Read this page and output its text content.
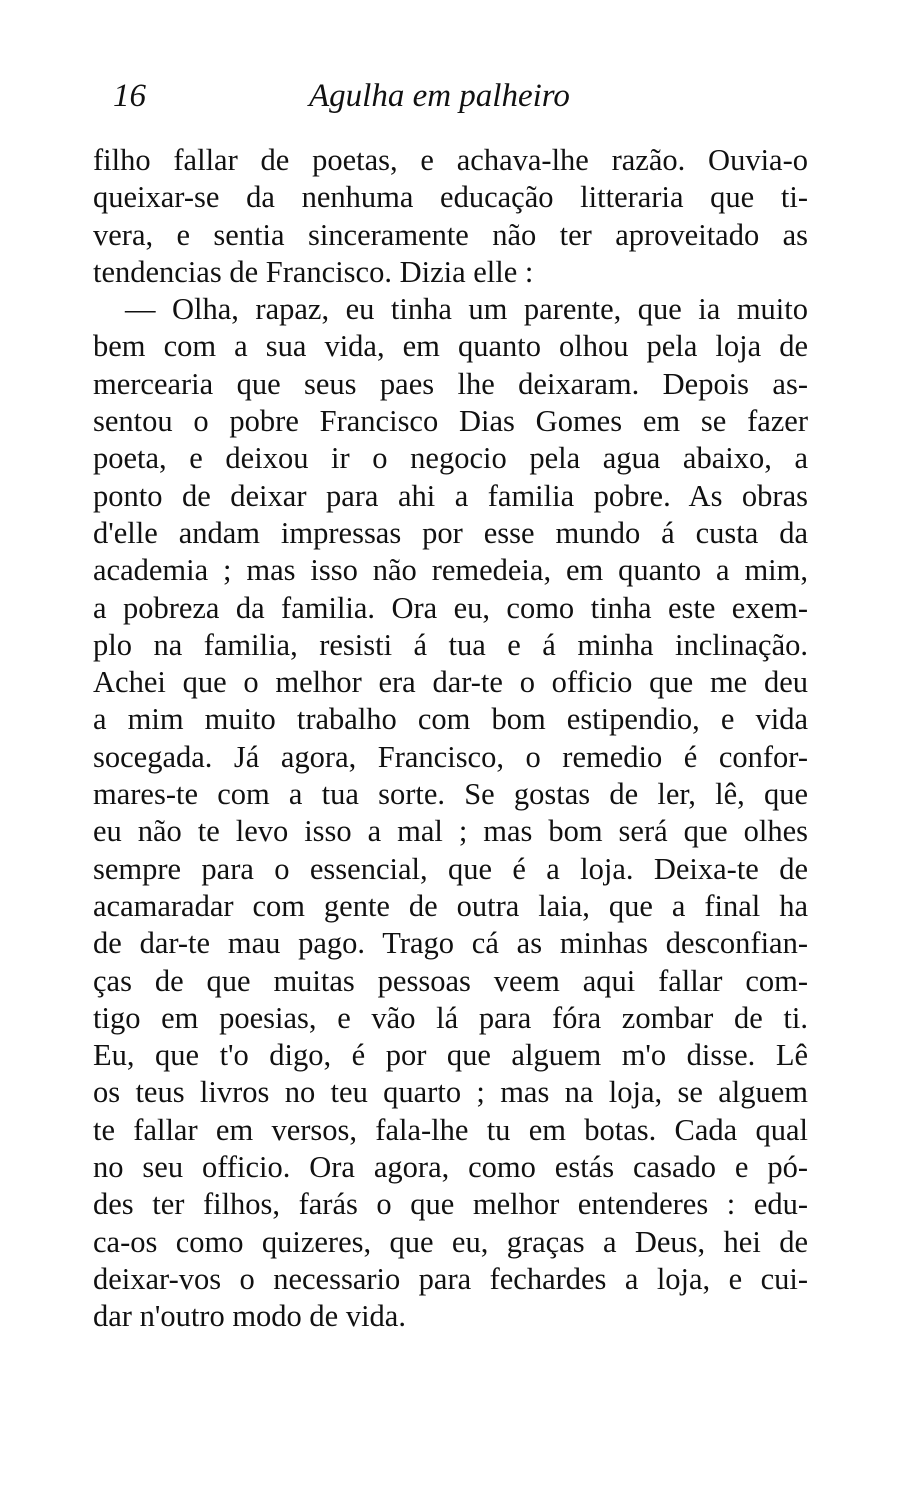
16	Agulha em palheiro
filho fallar de poetas, e achava-lhe razão. Ouvia-o
queixar-se da nenhuma educação litteraria que ti-
vera, e sentia sinceramente não ter aproveitado as
tendencias de Francisco. Dizia elle :
— Olha, rapaz, eu tinha um parente, que ia muito
bem com a sua vida, em quanto olhou pela loja de
mercearia que seus paes lhe deixaram. Depois as-
sentou o pobre Francisco Dias Gomes em se fazer
poeta, e deixou ir o negocio pela agua abaixo, a
ponto de deixar para ahi a familia pobre. As obras
d'elle andam impressas por esse mundo á custa da
academia ; mas isso não remedeia, em quanto a mim,
a pobreza da familia. Ora eu, como tinha este exem-
plo na familia, resisti á tua e á minha inclinação.
Achei que o melhor era dar-te o officio que me deu
a mim muito trabalho com bom estipendio, e vida
socegada. Já agora, Francisco, o remedio é confor-
mares-te com a tua sorte. Se gostas de ler, lê, que
eu não te levo isso a mal ; mas bom será que olhes
sempre para o essencial, que é a loja. Deixa-te de
acamaradar com gente de outra laia, que a final ha
de dar-te mau pago. Trago cá as minhas desconfian-
ças de que muitas pessoas veem aqui fallar com-
tigo em poesias, e vão lá para fóra zombar de ti.
Eu, que t'o digo, é por que alguem m'o disse. Lê
os teus livros no teu quarto ; mas na loja, se alguem
te fallar em versos, fala-lhe tu em botas. Cada qual
no seu officio. Ora agora, como estás casado e pó-
des ter filhos, farás o que melhor entenderes : edu-
ca-os como quizeres, que eu, graças a Deus, hei de
deixar-vos o necessario para fechardes a loja, e cui-
dar n'outro modo de vida.
